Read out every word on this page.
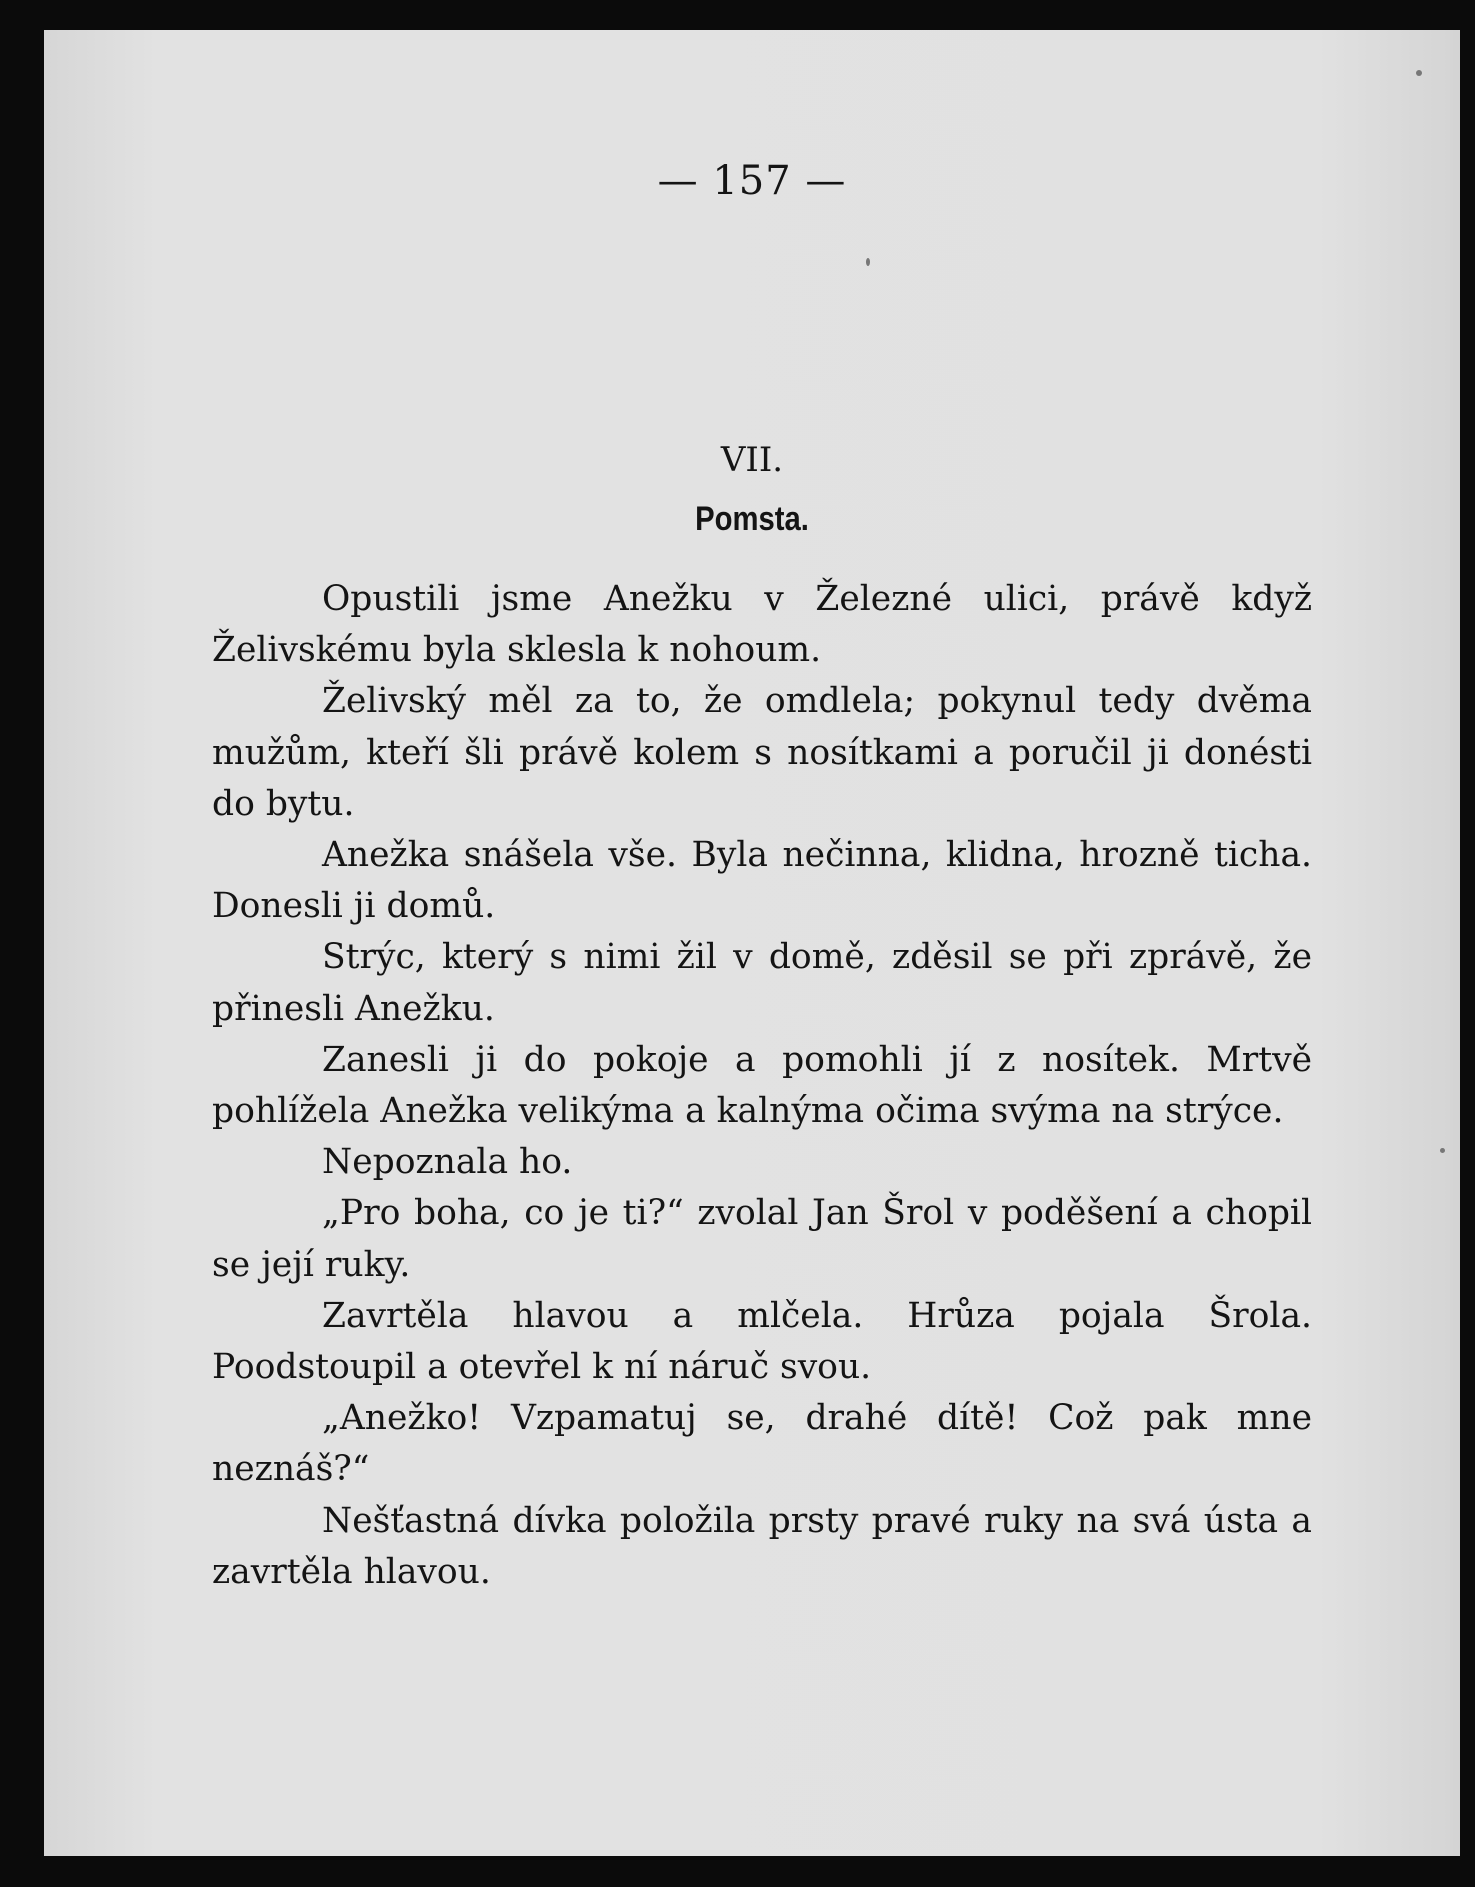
— 157 —

VII.

Pomsta.

Opustili jsme Anežku v Železné ulici, právě když Želivskému byla sklesla k nohoum.

Želivský měl za to, že omdlela; pokynul tedy dvěma mužům, kteří šli právě kolem s nosítkami a poručil ji donésti do bytu.

Anežka snášela vše. Byla nečinna, klidna, hrozně ticha. Donesli ji domů.

Strýc, který s nimi žil v domě, zděsil se při zprávě, že přinesli Anežku.

Zanesli ji do pokoje a pomohli jí z nosítek. Mrtvě pohlížela Anežka velikýma a kalnýma očima svýma na strýce.

Nepoznala ho.

„Pro boha, co je ti?“ zvolal Jan Šrol v poděšení a chopil se její ruky.

Zavrtěla hlavou a mlčela. Hrůza pojala Šrola. Poodstoupil a otevřel k ní náruč svou.

„Anežko! Vzpamatuj se, drahé dítě! Což pak mne neznáš?“

Nešťastná dívka položila prsty pravé ruky na svá ústa a zavrtěla hlavou.
